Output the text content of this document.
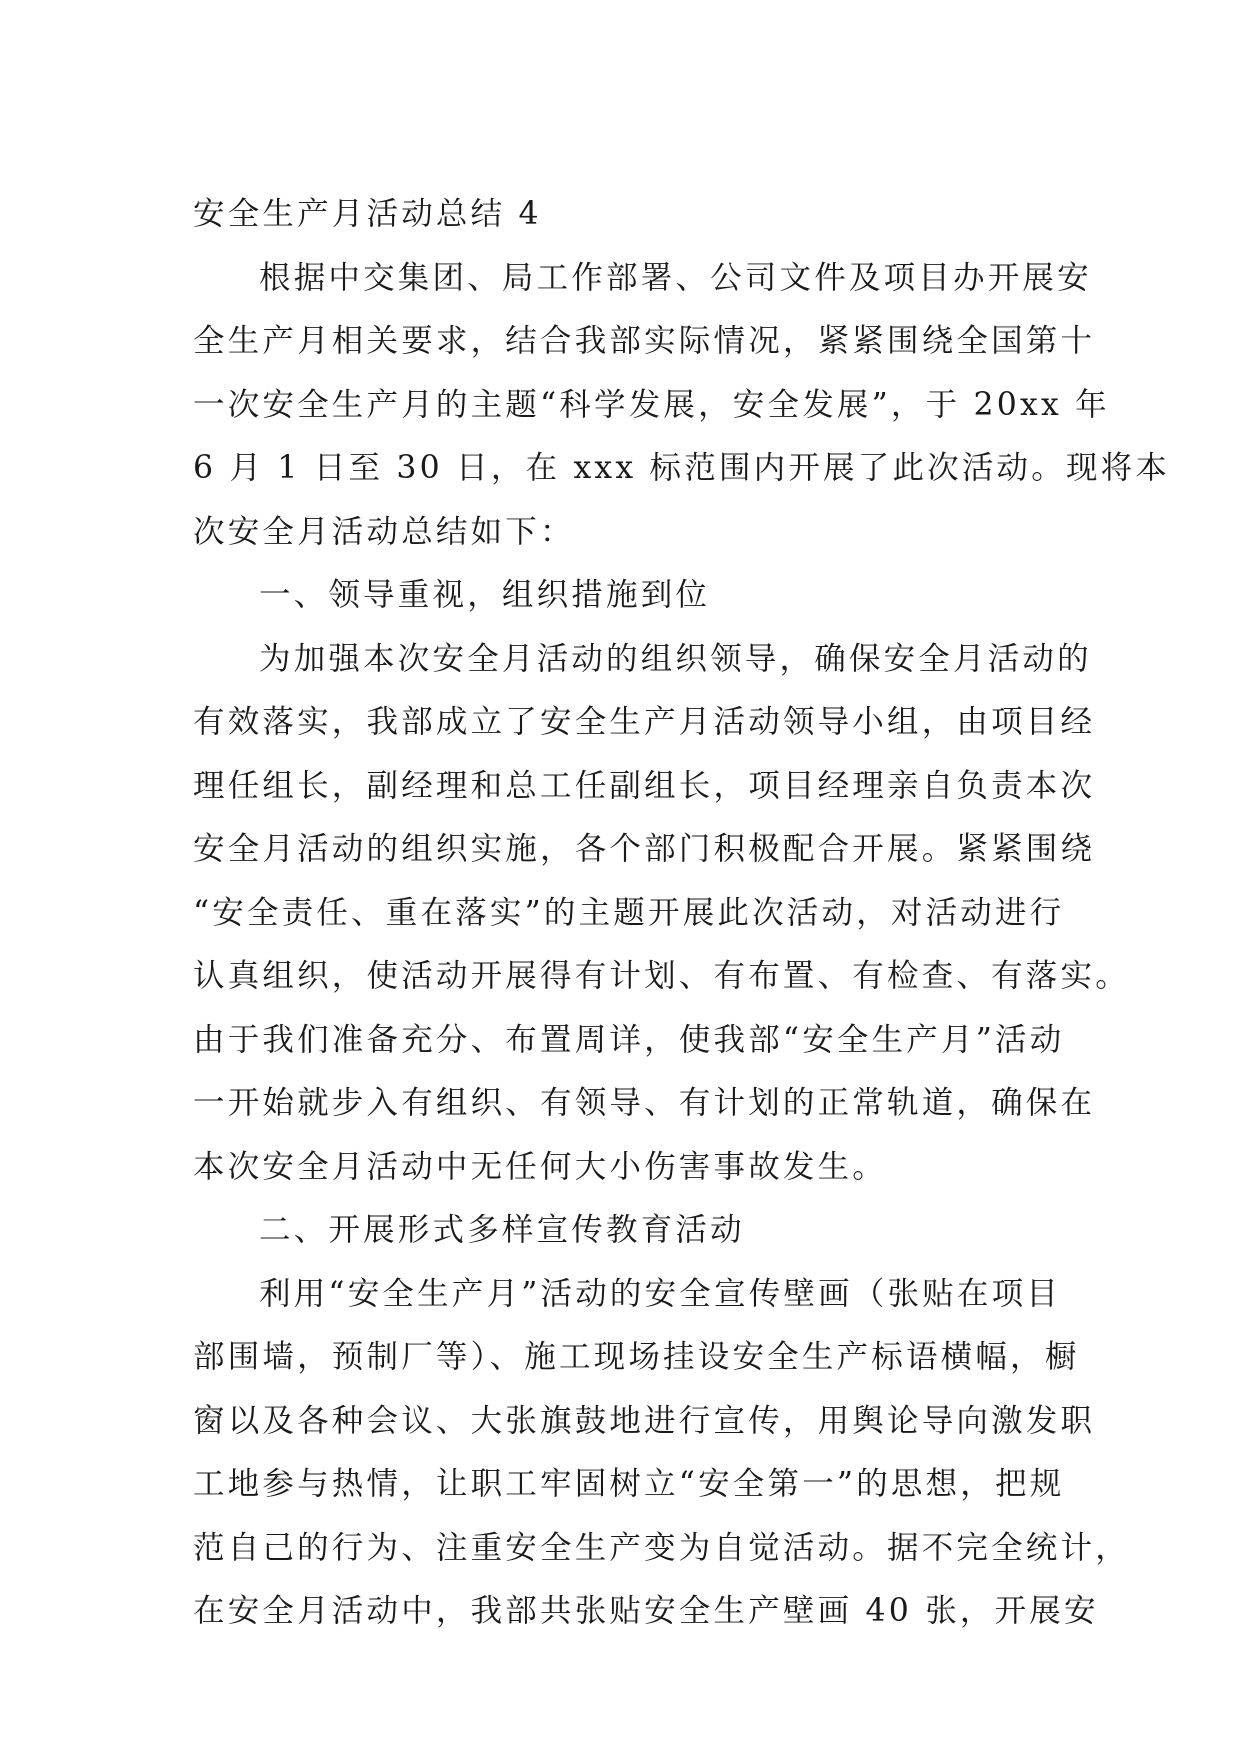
安全生产月活动总结 4
根据中交集团、局工作部署、公司文件及项目办开展安
全生产月相关要求，结合我部实际情况，紧紧围绕全国第十
一次安全生产月的主题“科学发展，安全发展”，于 20xx 年
6 月 1 日至 30 日，在 xxx 标范围内开展了此次活动。现将本
次安全月活动总结如下：
一、领导重视，组织措施到位
为加强本次安全月活动的组织领导，确保安全月活动的
有效落实，我部成立了安全生产月活动领导小组，由项目经
理任组长，副经理和总工任副组长，项目经理亲自负责本次
安全月活动的组织实施，各个部门积极配合开展。紧紧围绕
“安全责任、重在落实”的主题开展此次活动，对活动进行
认真组织，使活动开展得有计划、有布置、有检查、有落实。
由于我们准备充分、布置周详，使我部“安全生产月”活动
一开始就步入有组织、有领导、有计划的正常轨道，确保在
本次安全月活动中无任何大小伤害事故发生。
二、开展形式多样宣传教育活动
利用“安全生产月”活动的安全宣传壁画（张贴在项目
部围墙，预制厂等）、施工现场挂设安全生产标语横幅，橱
窗以及各种会议、大张旗鼓地进行宣传，用舆论导向激发职
工地参与热情，让职工牢固树立“安全第一”的思想，把规
范自己的行为、注重安全生产变为自觉活动。据不完全统计，
在安全月活动中，我部共张贴安全生产壁画 40 张，开展安
